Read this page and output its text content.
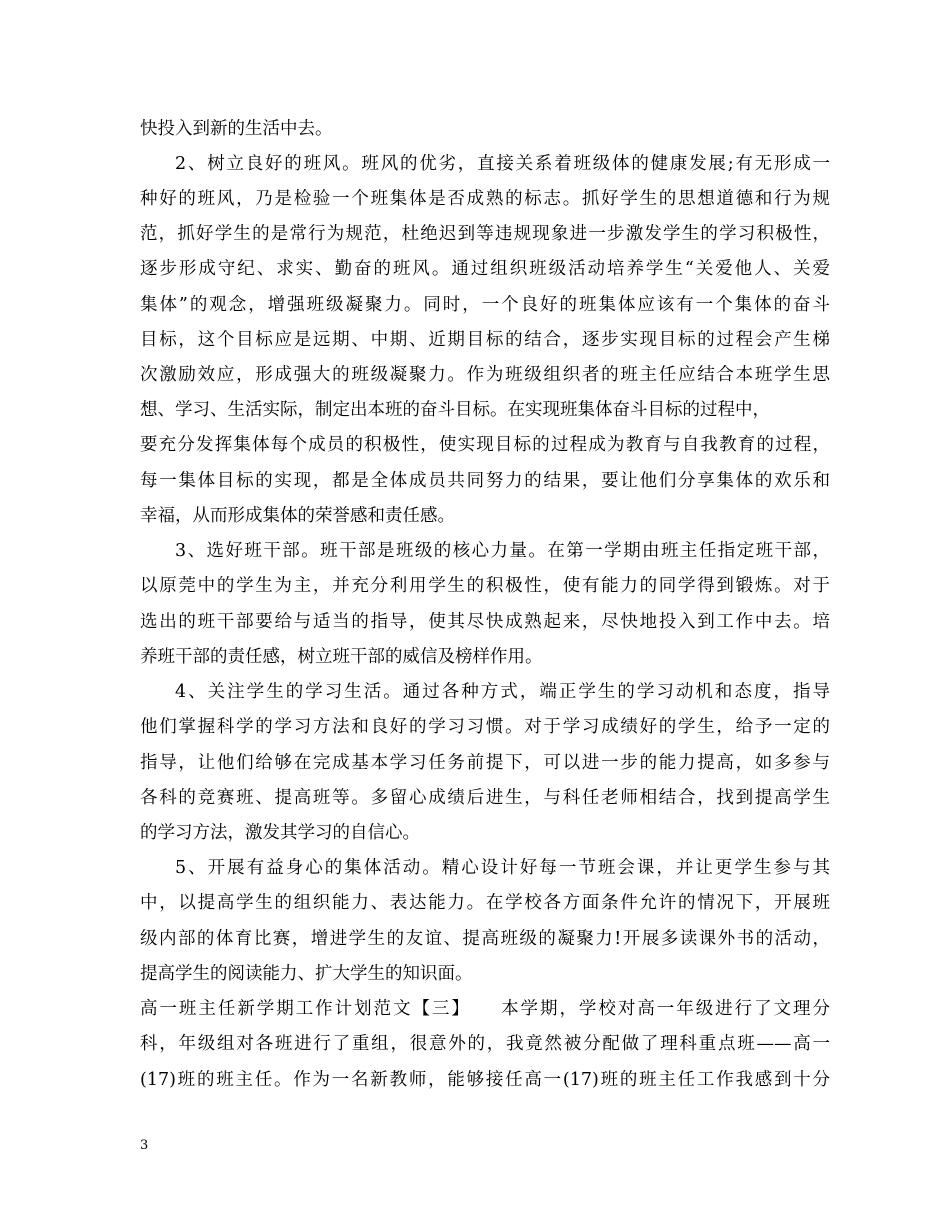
快投入到新的生活中去。
2、树立良好的班风。班风的优劣，直接关系着班级体的健康发展;有无形成一
种好的班风，乃是检验一个班集体是否成熟的标志。抓好学生的思想道德和行为规
范，抓好学生的是常行为规范，杜绝迟到等违规现象进一步激发学生的学习积极性，
逐步形成守纪、求实、勤奋的班风。通过组织班级活动培养学生“关爱他人、关爱
集体”的观念，增强班级凝聚力。同时，一个良好的班集体应该有一个集体的奋斗
目标，这个目标应是远期、中期、近期目标的结合，逐步实现目标的过程会产生梯
次激励效应，形成强大的班级凝聚力。作为班级组织者的班主任应结合本班学生思
想、学习、生活实际，制定出本班的奋斗目标。在实现班集体奋斗目标的过程中，
要充分发挥集体每个成员的积极性，使实现目标的过程成为教育与自我教育的过程，
每一集体目标的实现，都是全体成员共同努力的结果，要让他们分享集体的欢乐和
幸福，从而形成集体的荣誉感和责任感。
3、选好班干部。班干部是班级的核心力量。在第一学期由班主任指定班干部，
以原莞中的学生为主，并充分利用学生的积极性，使有能力的同学得到锻炼。对于
选出的班干部要给与适当的指导，使其尽快成熟起来，尽快地投入到工作中去。培
养班干部的责任感，树立班干部的威信及榜样作用。
4、关注学生的学习生活。通过各种方式，端正学生的学习动机和态度，指导
他们掌握科学的学习方法和良好的学习习惯。对于学习成绩好的学生，给予一定的
指导，让他们给够在完成基本学习任务前提下，可以进一步的能力提高，如多参与
各科的竞赛班、提高班等。多留心成绩后进生，与科任老师相结合，找到提高学生
的学习方法，激发其学习的自信心。
5、开展有益身心的集体活动。精心设计好每一节班会课，并让更学生参与其
中，以提高学生的组织能力、表达能力。在学校各方面条件允许的情况下，开展班
级内部的体育比赛，增进学生的友谊、提高班级的凝聚力!开展多读课外书的活动，
提高学生的阅读能力、扩大学生的知识面。
高一班主任新学期工作计划范文【三】　　本学期，学校对高一年级进行了文理分
科，年级组对各班进行了重组，很意外的，我竟然被分配做了理科重点班——高一
(17)班的班主任。作为一名新教师，能够接任高一(17)班的班主任工作我感到十分
3
